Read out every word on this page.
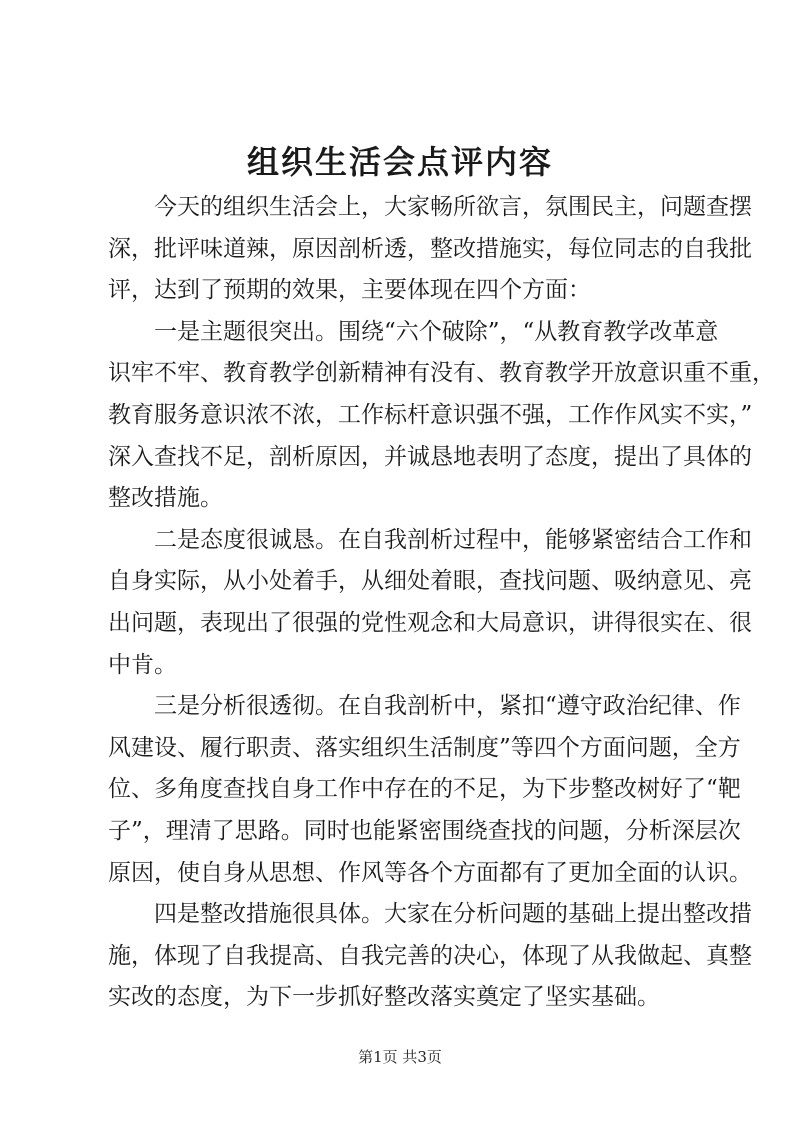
组织生活会点评内容
今天的组织生活会上，大家畅所欲言，氛围民主，问题查摆
深，批评味道辣，原因剖析透，整改措施实，每位同志的自我批
评，达到了预期的效果，主要体现在四个方面：
一是主题很突出。围绕“六个破除”，“从教育教学改革意
识牢不牢、教育教学创新精神有没有、教育教学开放意识重不重，
教育服务意识浓不浓，工作标杆意识强不强，工作作风实不实，”
深入查找不足，剖析原因，并诚恳地表明了态度，提出了具体的
整改措施。
二是态度很诚恳。在自我剖析过程中，能够紧密结合工作和
自身实际，从小处着手，从细处着眼，查找问题、吸纳意见、亮
出问题，表现出了很强的党性观念和大局意识，讲得很实在、很
中肯。
三是分析很透彻。在自我剖析中，紧扣“遵守政治纪律、作
风建设、履行职责、落实组织生活制度”等四个方面问题，全方
位、多角度查找自身工作中存在的不足，为下步整改树好了“靶
子”，理清了思路。同时也能紧密围绕查找的问题，分析深层次
原因，使自身从思想、作风等各个方面都有了更加全面的认识。
四是整改措施很具体。大家在分析问题的基础上提出整改措
施，体现了自我提高、自我完善的决心，体现了从我做起、真整
实改的态度，为下一步抓好整改落实奠定了坚实基础。
第1页 共3页
